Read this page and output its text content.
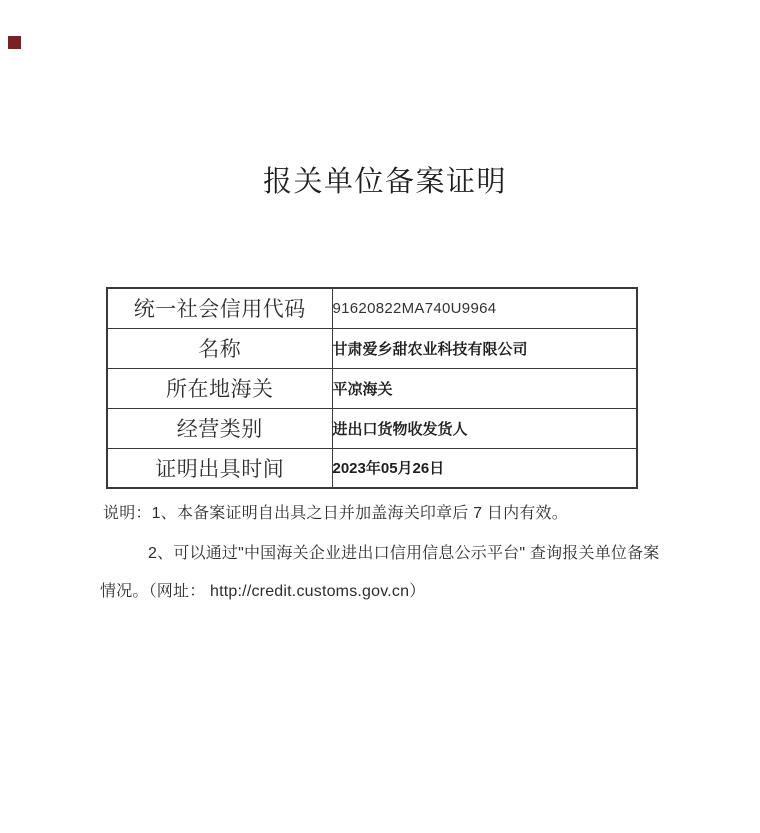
报关单位备案证明
统一社会信用代码	91620822MA740U9964
名称	甘肃爱乡甜农业科技有限公司
所在地海关	平凉海关
经营类别	进出口货物收发货人
证明出具时间	2023年05月26日
说明：1、本备案证明自出具之日并加盖海关印章后 7 日内有效。
2、可以通过"中国海关企业进出口信用信息公示平台" 查询报关单位备案
情况。（网址： http://credit.customs.gov.cn）
